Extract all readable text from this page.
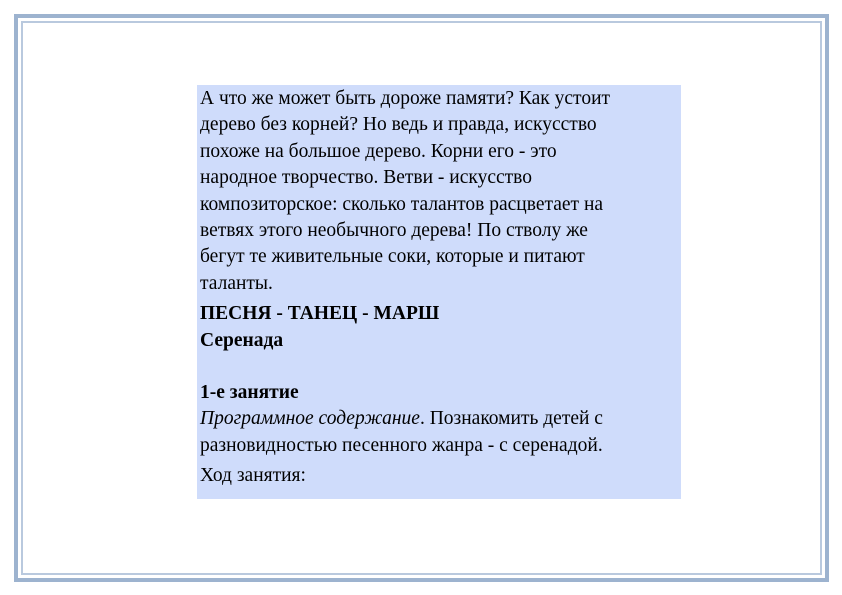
А что же может быть дороже памяти? Как устоит
дерево без корней? Но ведь и правда, искусство
похоже на большое дерево. Корни его - это
народное творчество. Ветви - искусство
композиторское: сколько талантов расцветает на
ветвях этого необычного дерева! По стволу же
бегут те живительные соки, которые и питают
таланты.
ПЕСНЯ - ТАНЕЦ - МАРШ
Серенада
1-е занятие
Программное содержание. Познакомить детей с
разновидностью песенного жанра - с серенадой.
Ход занятия:
